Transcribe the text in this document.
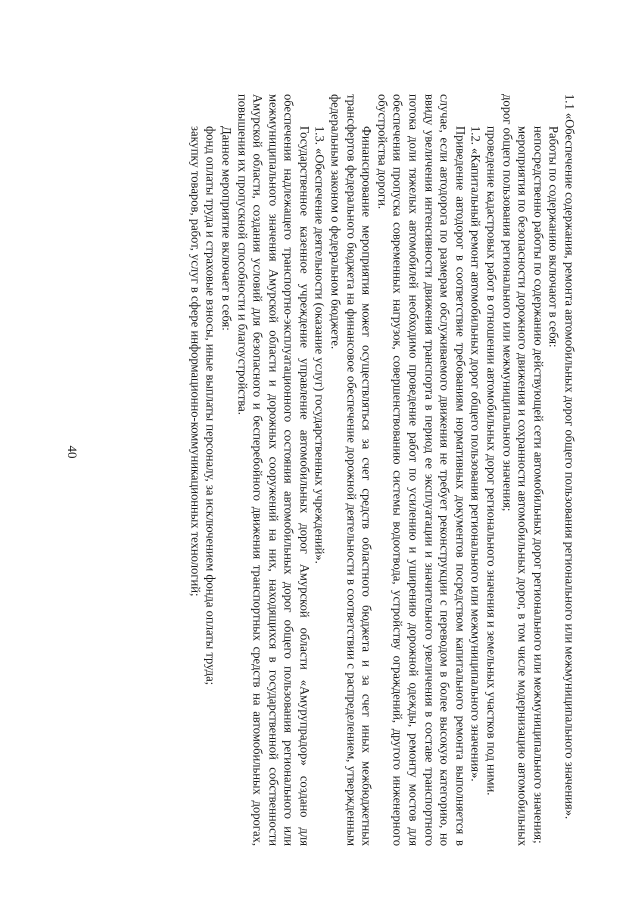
40	1.1 «Обеспечение содержания, ремонта автомобильных дорог общего пользования регионального или межмуниципального значения».

Работы по содержанию включают в себя:

непосредственно работы по содержанию действующей сети автомобильных дорог регионального или межмуниципального значения;

мероприятия по безопасности дорожного движения и сохранности автомобильных дорог, в том числе модернизацию автомобильных дорог общего пользования регионального или межмуниципального значения;

проведение кадастровых работ в отношении автомобильных дорог регионального значения и земельных участков под ними.

1.2. «Капитальный ремонт автомобильных дорог общего пользования регионального или межмуниципального значения».

Приведение автодорог в соответствие требованиям нормативных документов посредством капитального ремонта выполняется в случае, если автодорога по размерам обслуживаемого движения не требует реконструкции с переводом в более высокую категорию, но ввиду увеличения интенсивности движения транспорта в период ее эксплуатации и значительного увеличения в составе транспортного потока доли тяжелых автомобилей необходимо проведение работ по усилению и уширению дорожной одежды, ремонту мостов для обеспечения пропуска современных нагрузок, совершенствованию системы водоотвода, устройству ограждений, другого инженерного обустройства дороги.

Финансирование мероприятия может осуществляться за счет средств областного бюджета и за счет иных межбюджетных трансфертов федерального бюджета на финансовое обеспечение дорожной деятельности в соответствии с распределением, утвержденным федеральным законом о федеральном бюджете.

1.3. «Обеспечение деятельности (оказание услуг) государственных учреждений».

Государственное казенное учреждение управление автомобильных дорог Амурской области «Амурупрадор» создано для обеспечения надлежащего транспортно-эксплуатационного состояния автомобильных дорог общего пользования регионального или межмуниципального значения Амурской области и дорожных сооружений на них, находящихся в государственной собственности Амурской области, создания условий для безопасного и бесперебойного движения транспортных средств на автомобильных дорогах, повышения их пропускной способности и благоустройства.

Данное мероприятие включает в себя:

фонд оплаты труда и страховые взносы, иные выплаты персоналу, за исключением фонда оплаты труда;

закупку товаров, работ, услуг в сфере информационно-коммуникационных технологий;
